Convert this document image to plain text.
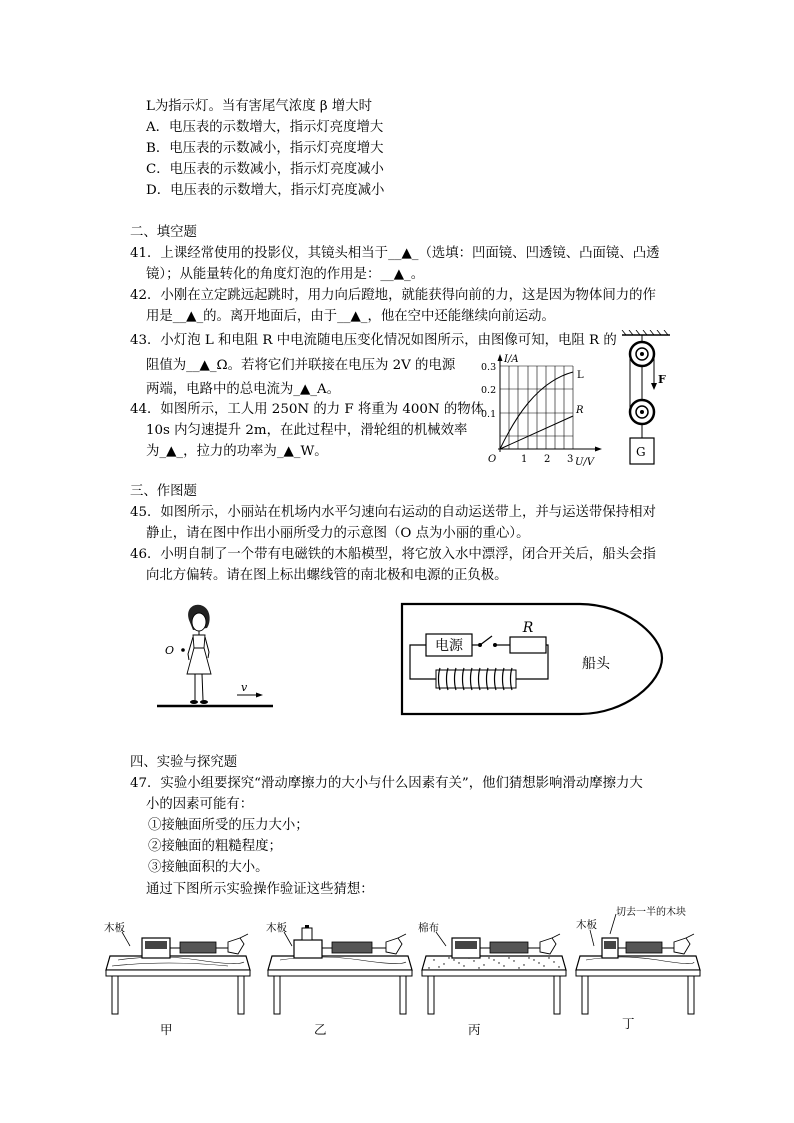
L为指示灯。当有害尾气浓度 β 增大时
A．电压表的示数增大，指示灯亮度增大
B．电压表的示数减小，指示灯亮度增大
C．电压表的示数减小，指示灯亮度减小
D．电压表的示数增大，指示灯亮度减小
二、填空题
41．上课经常使用的投影仪，其镜头相当于__▲_（选填：凹面镜、凹透镜、凸面镜、凸透
镜）；从能量转化的角度灯泡的作用是：__▲_。
42．小刚在立定跳远起跳时，用力向后蹬地，就能获得向前的力，这是因为物体间力的作
用是__▲_的。离开地面后，由于__▲_，他在空中还能继续向前运动。
43．小灯泡 L 和电阻 R 中电流随电压变化情况如图所示，由图像可知，电阻 R 的
阻值为__▲_Ω。若将它们并联接在电压为 2V 的电源
两端，电路中的总电流为_▲_A。
44．如图所示，工人用 250N 的力 F 将重为 400N 的物体
10s 内匀速提升 2m，在此过程中，滑轮组的机械效率
为_▲_，拉力的功率为_▲_W。
I/A
0.3
0.2
0.1
O 1 2 3 U/V
L
R
F
G
三、作图题
45．如图所示，小丽站在机场内水平匀速向右运动的自动运送带上，并与运送带保持相对
静止，请在图中作出小丽所受力的示意图（O 点为小丽的重心）。
46．小明自制了一个带有电磁铁的木船模型，将它放入水中漂浮，闭合开关后，船头会指
向北方偏转。请在图上标出螺线管的南北极和电源的正负极。
O
v
电源
R
船头
四、实验与探究题
47．实验小组要探究“滑动摩擦力的大小与什么因素有关”，他们猜想影响滑动摩擦力大
小的因素可能有：
①接触面所受的压力大小；
②接触面的粗糙程度；
③接触面积的大小。
通过下图所示实验操作验证这些猜想：
木板	木板	棉布	木板
切去一半的木块
甲	乙	丙	丁
